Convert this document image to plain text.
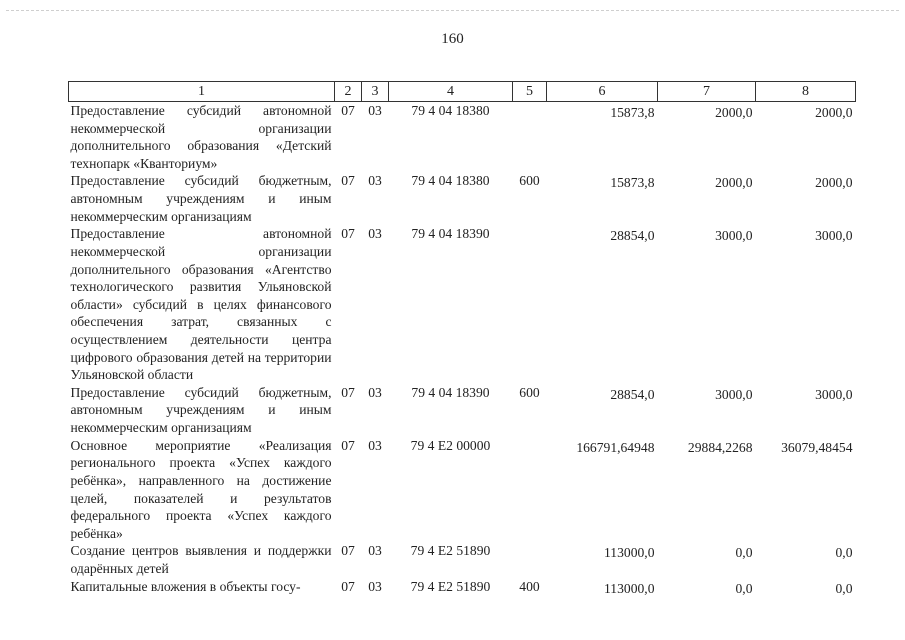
160
1	2	3	4	5	6	7	8
Предоставление субсидий автономной некоммерческой организации дополнительного образования «Детский технопарк «Кванториум»	07	03	79 4 04 18380		15873,8	2000,0	2000,0
Предоставление субсидий бюджетным, автономным учреждениям и иным некоммерческим организациям	07	03	79 4 04 18380	600	15873,8	2000,0	2000,0
Предоставление автономной некоммерческой организации дополнительного образования «Агентство технологического развития Ульяновской области» субсидий в целях финансового обеспечения затрат, связанных с осуществлением деятельности центра цифрового образования детей на территории Ульяновской области	07	03	79 4 04 18390		28854,0	3000,0	3000,0
Предоставление субсидий бюджетным, автономным учреждениям и иным некоммерческим организациям	07	03	79 4 04 18390	600	28854,0	3000,0	3000,0
Основное мероприятие «Реализация регионального проекта «Успех каждого ребёнка», направленного на достижение целей, показателей и результатов федерального проекта «Успех каждого ребёнка»	07	03	79 4 E2 00000		166791,64948	29884,2268	36079,48454
Создание центров выявления и поддержки одарённых детей	07	03	79 4 E2 51890		113000,0	0,0	0,0
Капитальные вложения в объекты госу-	07	03	79 4 E2 51890	400	113000,0	0,0	0,0
